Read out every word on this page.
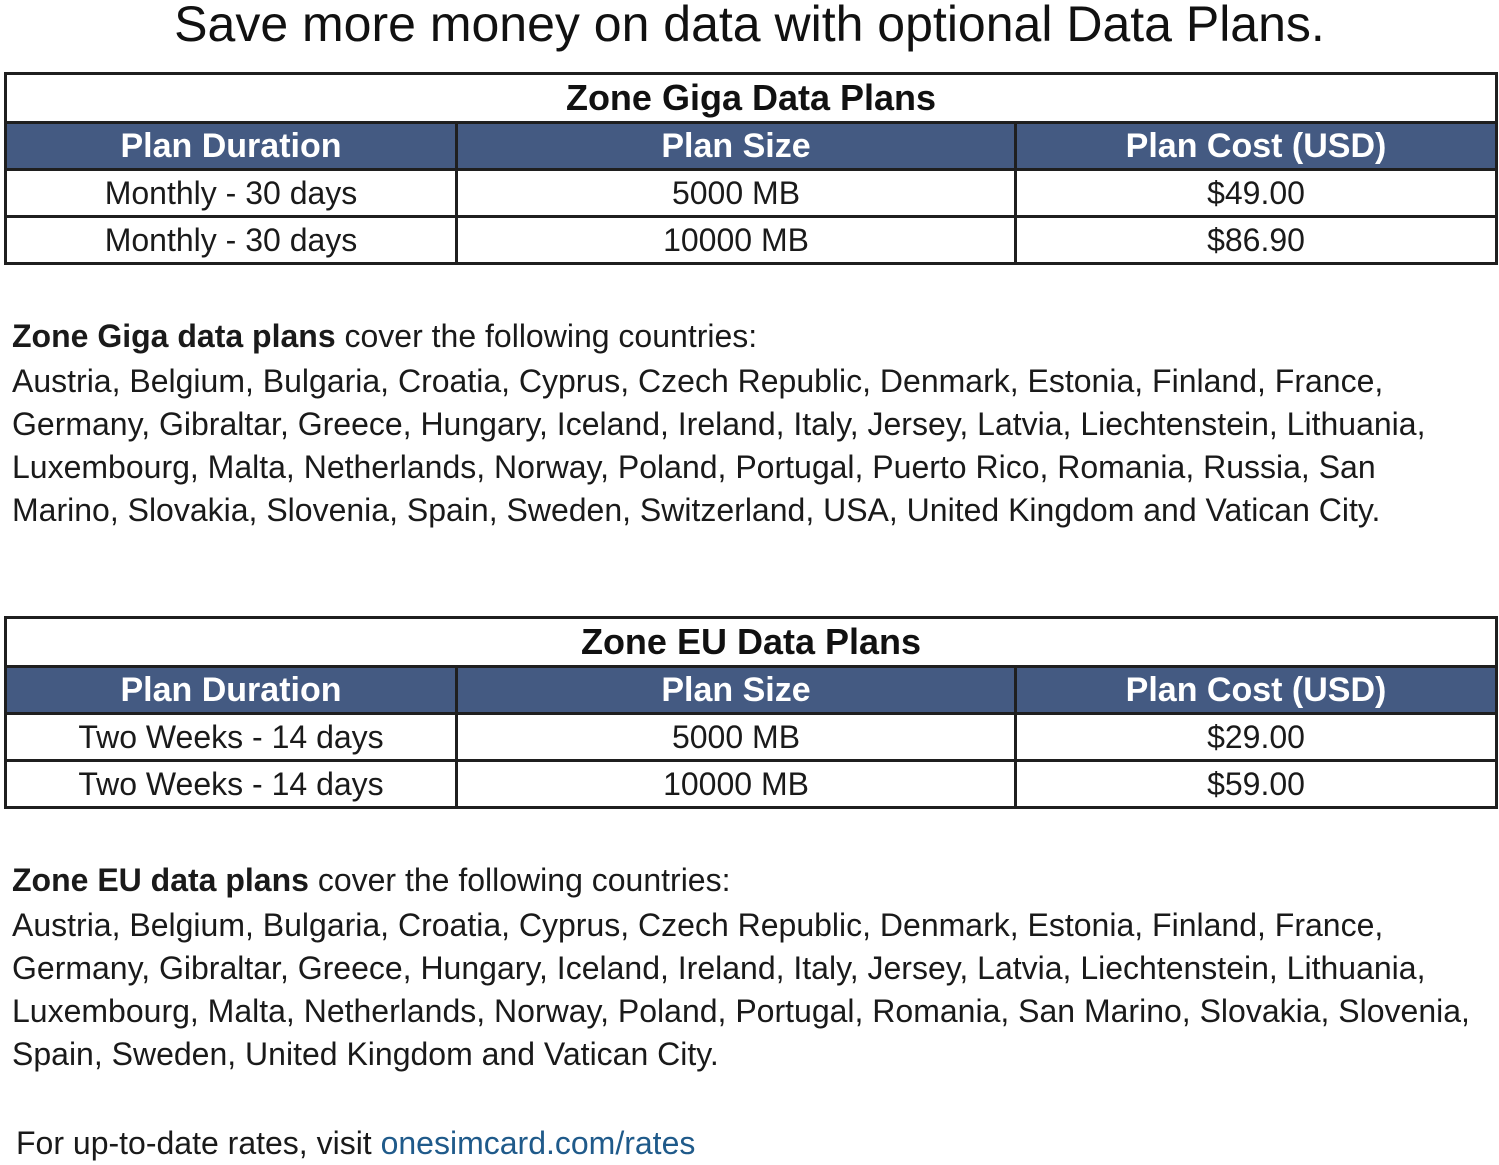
Save more money on data with optional Data Plans.
Zone Giga Data Plans		
Plan Duration	Plan Size	Plan Cost (USD)
Monthly - 30 days	5000 MB	$49.00
Monthly - 30 days	10000 MB	$86.90
Zone Giga data plans cover the following countries:
Austria, Belgium, Bulgaria, Croatia, Cyprus, Czech Republic, Denmark, Estonia, Finland, France, Germany, Gibraltar, Greece, Hungary, Iceland, Ireland, Italy, Jersey, Latvia, Liechtenstein, Lithuania, Luxembourg, Malta, Netherlands, Norway, Poland, Portugal, Puerto Rico, Romania, Russia, San Marino, Slovakia, Slovenia, Spain, Sweden, Switzerland, USA, United Kingdom and Vatican City.
Zone EU Data Plans		
Plan Duration	Plan Size	Plan Cost (USD)
Two Weeks - 14 days	5000 MB	$29.00
Two Weeks - 14 days	10000 MB	$59.00
Zone EU data plans cover the following countries:
Austria, Belgium, Bulgaria, Croatia, Cyprus, Czech Republic, Denmark, Estonia, Finland, France, Germany, Gibraltar, Greece, Hungary, Iceland, Ireland, Italy, Jersey, Latvia, Liechtenstein, Lithuania, Luxembourg, Malta, Netherlands, Norway, Poland, Portugal, Romania, San Marino, Slovakia, Slovenia, Spain, Sweden, United Kingdom and Vatican City.
For up-to-date rates, visit onesimcard.com/rates
